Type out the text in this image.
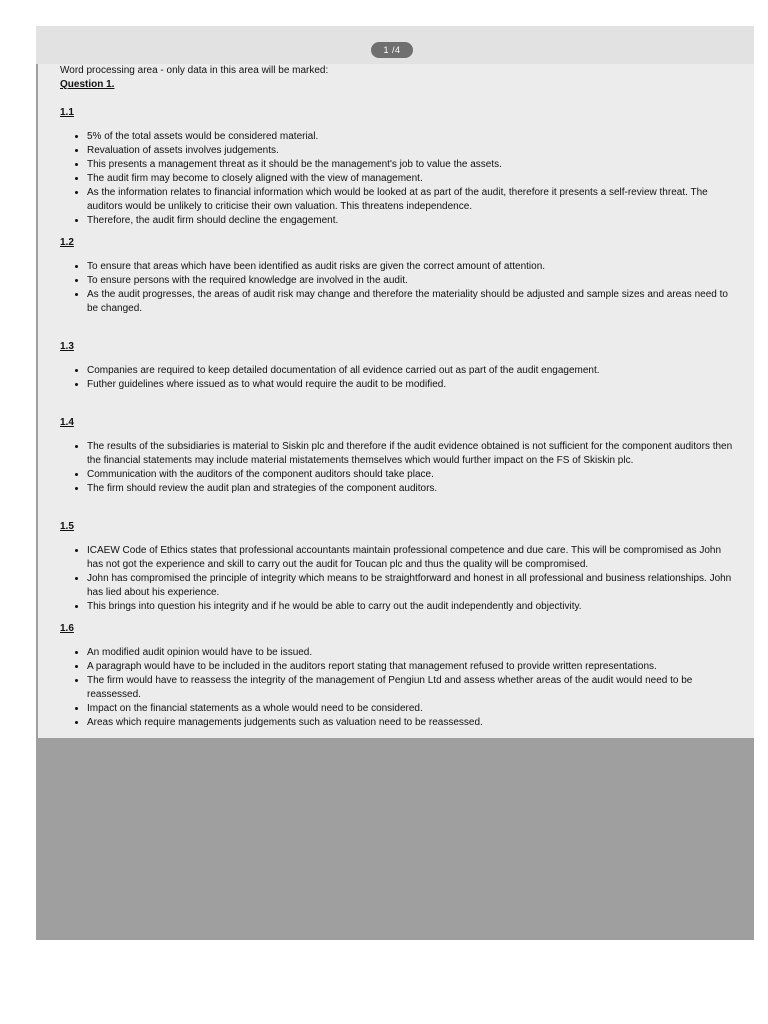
1 /4

Word processing area - only data in this area will be marked:

Question 1.

1.1

• 5% of the total assets would be considered material.
• Revaluation of assets involves judgements.
• This presents a management threat as it should be the management's job to value the assets.
• The audit firm may become to closely aligned with the view of management.
• As the information relates to financial information which would be looked at as part of the audit, therefore it presents a self-review threat. The auditors would be unlikely to criticise their own valuation. This threatens independence.
• Therefore, the audit firm should decline the engagement.

1.2

• To ensure that areas which have been identified as audit risks are given the correct amount of attention.
• To ensure persons with the required knowledge are involved in the audit.
• As the audit progresses, the areas of audit risk may change and therefore the materiality should be adjusted and sample sizes and areas need to be changed.

1.3

• Companies are required to keep detailed documentation of all evidence carried out as part of the audit engagement.
• Futher guidelines where issued as to what would require the audit to be modified.

1.4

• The results of the subsidiaries is material to Siskin plc and therefore if the audit evidence obtained is not sufficient for the component auditors then the financial statements may include material mistatements themselves which would further impact on the FS of Skiskin plc.
• Communication with the auditors of the component auditors should take place.
• The firm should review the audit plan and strategies of the component auditors.

1.5

• ICAEW Code of Ethics states that professional accountants maintain professional competence and due care. This will be compromised as John has not got the experience and skill to carry out the audit for Toucan plc and thus the quality will be compromised.
• John has compromised the principle of integrity which means to be straightforward and honest in all professional and business relationships. John has lied about his experience.
• This brings into question his integrity and if he would be able to carry out the audit independently and objectivity.

1.6

• An modified audit opinion would have to be issued.
• A paragraph would have to be included in the auditors report stating that management refused to provide written representations.
• The firm would have to reassess the integrity of the management of Pengiun Ltd and assess whether areas of the audit would need to be reassessed.
• Impact on the financial statements as a whole would need to be considered.
• Areas which require managements judgements such as valuation need to be reassessed.
